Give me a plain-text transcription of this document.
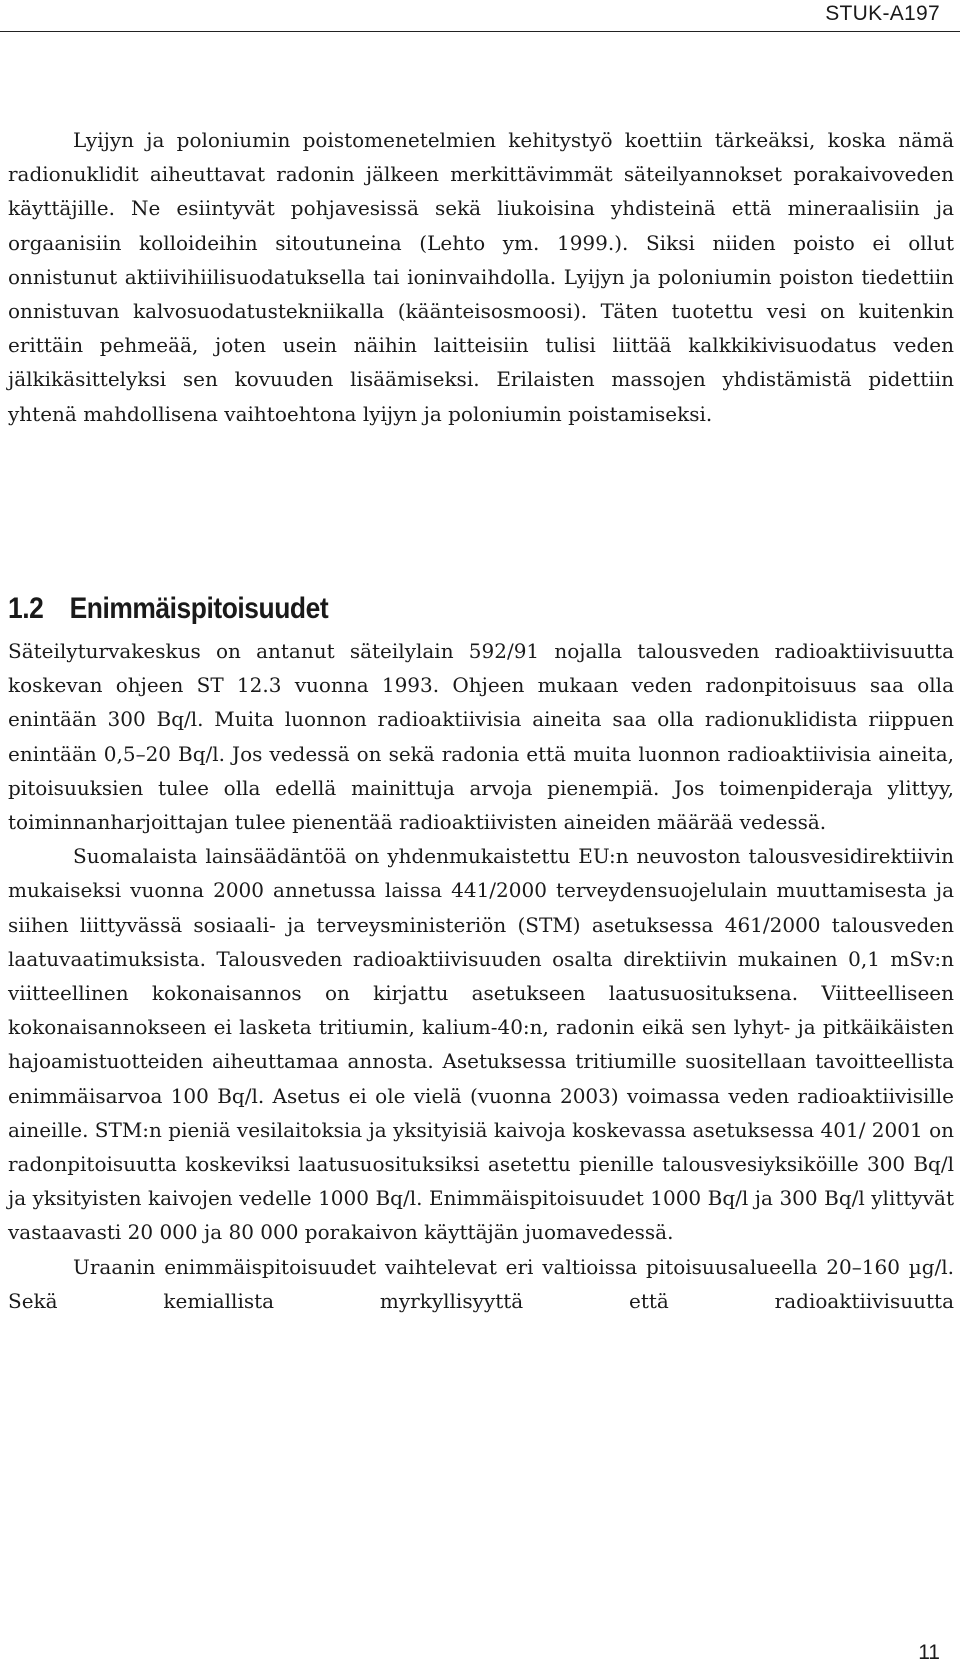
STUK-A197

Lyijyn ja poloniumin poistomenetelmien kehitystyö koettiin tärkeäksi, koska nämä radionuklidit aiheuttavat radonin jälkeen merkittävimmät säteilyannokset porakaivoveden käyttäjille. Ne esiintyvät pohjavesissä sekä liukoisina yhdisteinä että mineraalisiin ja orgaanisiin kolloideihin sitoutuneina (Lehto ym. 1999.). Siksi niiden poisto ei ollut onnistunut aktiivihiilisuodatuksella tai ioninvaihdolla. Lyijyn ja poloniumin poiston tiedettiin onnistuvan kalvosuodatustekniikalla (käänteisosmoosi). Täten tuotettu vesi on kuitenkin erittäin pehmeää, joten usein näihin laitteisiin tulisi liittää kalkkikivisuodatus veden jälkikäsittelyksi sen kovuuden lisäämiseksi. Erilaisten massojen yhdistämistä pidettiin yhtenä mahdollisena vaihtoehtona lyijyn ja poloniumin poistamiseksi.

1.2 Enimmäispitoisuudet

Säteilyturvakeskus on antanut säteilylain 592/91 nojalla talousveden radioaktiivisuutta koskevan ohjeen ST 12.3 vuonna 1993. Ohjeen mukaan veden radonpitoisuus saa olla enintään 300 Bq/l. Muita luonnon radioaktiivisia aineita saa olla radionuklidista riippuen enintään 0,5–20 Bq/l. Jos vedessä on sekä radonia että muita luonnon radioaktiivisia aineita, pitoisuuksien tulee olla edellä mainittuja arvoja pienempiä. Jos toimenpideraja ylittyy, toiminnanharjoittajan tulee pienentää radioaktiivisten aineiden määrää vedessä.

Suomalaista lainsäädäntöä on yhdenmukaistettu EU:n neuvoston talousvesidirektiivin mukaiseksi vuonna 2000 annetussa laissa 441/2000 terveydensuojelulain muuttamisesta ja siihen liittyvässä sosiaali- ja terveysministeriön (STM) asetuksessa 461/2000 talousveden laatuvaatimuksista. Talousveden radioaktiivisuuden osalta direktiivin mukainen 0,1 mSv:n viitteellinen kokonaisannos on kirjattu asetukseen laatusuosituksena. Viitteelliseen kokonaisannokseen ei lasketa tritiumin, kalium-40:n, radonin eikä sen lyhyt- ja pitkäikäisten hajoamistuotteiden aiheuttamaa annosta. Asetuksessa tritiumille suositellaan tavoitteellista enimmäisarvoa 100 Bq/l. Asetus ei ole vielä (vuonna 2003) voimassa veden radioaktiivisille aineille. STM:n pieniä vesilaitoksia ja yksityisiä kaivoja koskevassa asetuksessa 401/ 2001 on radonpitoisuutta koskeviksi laatusuosituksiksi asetettu pienille talousvesiyksiköille 300 Bq/l ja yksityisten kaivojen vedelle 1000 Bq/l. Enimmäispitoisuudet 1000 Bq/l ja 300 Bq/l ylittyvät vastaavasti 20 000 ja 80 000 porakaivon käyttäjän juomavedessä.

Uraanin enimmäispitoisuudet vaihtelevat eri valtioissa pitoisuusalueella 20–160 µg/l. Sekä kemiallista myrkyllisyyttä että radioaktiivisuutta

11
